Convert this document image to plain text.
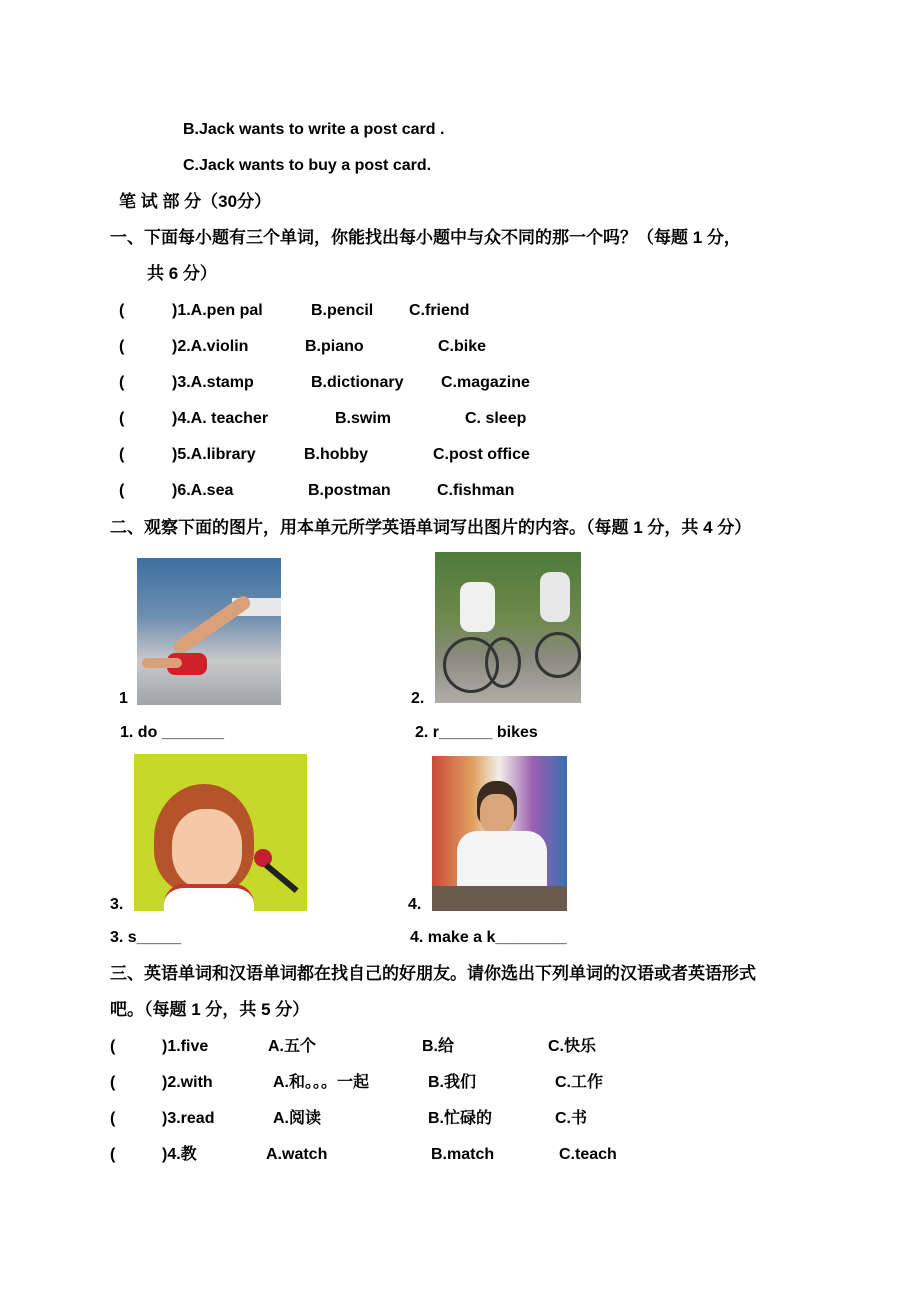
B.Jack wants to write a post card .
C.Jack wants to buy a post card.
笔 试 部 分（30分）
一、下面每小题有三个单词，你能找出每小题中与众不同的那一个吗？（每题 1 分，
共 6 分）
(	)1.A.pen pal	B.pencil C.friend
(	)2.A.violin	B.piano	C.bike
(	)3.A.stamp	B.dictionary C.magazine
(	)4.A. teacher	B.swim	C. sleep
(	)5.A.library	B.hobby	C.post office
(	)6.A.sea	B.postman	C.fishman
二、观察下面的图片，用本单元所学英语单词写出图片的内容。（每题 1 分，共 4 分）
1	2.
1. do _______	2. r______ bikes
3.	4.
3. s_____	4. make a k________
三、英语单词和汉语单词都在找自己的好朋友。请你选出下列单词的汉语或者英语形式
吧。（每题 1 分，共 5 分）
(	)1.five	A.五个	B.给	C.快乐
(	)2.with	A.和。。。一起	B.我们	C.工作
(	)3.read	A.阅读	B.忙碌的	C.书
(	)4.教	A.watch	B.match	C.teach
